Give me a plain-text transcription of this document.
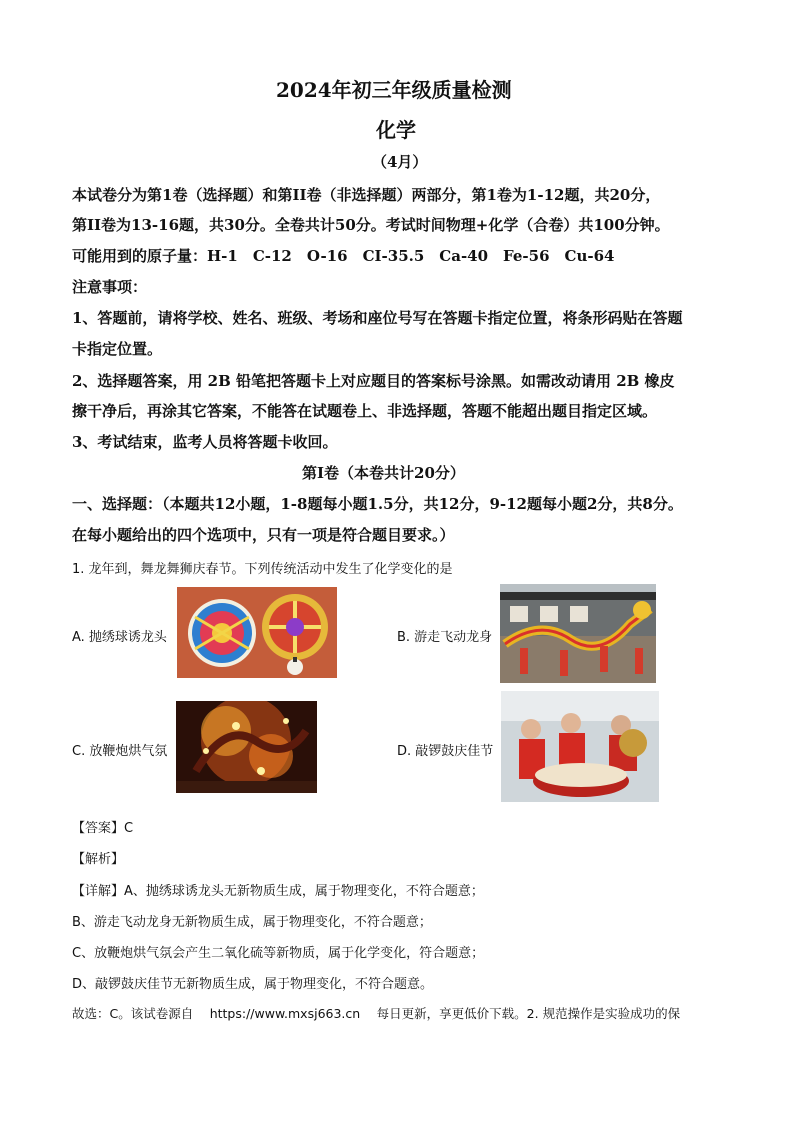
2024年初三年级质量检测
化学
（4月）
本试卷分为第1卷（选择题）和第II卷（非选择题）两部分，第1卷为1-12题，共20分，
第II卷为13-16题，共30分。全卷共计50分。考试时间物理+化学（合卷）共100分钟。
可能用到的原子量：H-1　C-12　O-16　CI-35.5　Ca-40　Fe-56　Cu-64
注意事项：
1、答题前，请将学校、姓名、班级、考场和座位号写在答题卡指定位置，将条形码贴在答题
卡指定位置。
2、选择题答案，用 2B 铅笔把答题卡上对应题目的答案标号涂黑。如需改动请用 2B 橡皮
擦干净后，再涂其它答案，不能答在试题卷上、非选择题，答题不能超出题目指定区域。
3、考试结束，监考人员将答题卡收回。
第I卷（本卷共计20分）
一、选择题：（本题共12小题，1-8题每小题1.5分，共12分，9-12题每小题2分，共8分。
在每小题给出的四个选项中，只有一项是符合题目要求。）
1. 龙年到，舞龙舞狮庆春节。下列传统活动中发生了化学变化的是
A. 抛绣球诱龙头	B. 游走飞动龙身
C. 放鞭炮烘气氛	D. 敲锣鼓庆佳节
【答案】C
【解析】
【详解】A、抛绣球诱龙头无新物质生成，属于物理变化，不符合题意；
B、游走飞动龙身无新物质生成，属于物理变化，不符合题意；
C、放鞭炮烘气氛会产生二氧化硫等新物质，属于化学变化，符合题意；
D、敲锣鼓庆佳节无新物质生成，属于物理变化，不符合题意。
故选：C。该试卷源自　 https://www.mxsj663.cn　 每日更新，享更低价下载。2. 规范操作是实验成功的保
